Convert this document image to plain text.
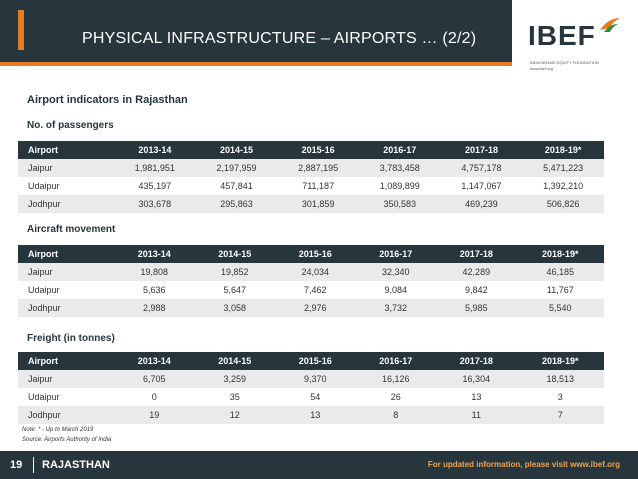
PHYSICAL INFRASTRUCTURE – AIRPORTS … (2/2) IBEF
INDIA BRAND EQUITY FOUNDATION
www.ibef.org
Airport indicators in Rajasthan
No. of passengers
Airport	2013-14	2014-15	2015-16	2016-17	2017-18	2018-19*
Jaipur	1,981,951	2,197,959	2,887,195	3,783,458	4,757,178	5,471,223
Udaipur	435,197	457,841	711,187	1,089,899	1,147,067	1,392,210
Jodhpur	303,678	295,863	301,859	350,583	469,239	506,826
Aircraft movement
Airport	2013-14	2014-15	2015-16	2016-17	2017-18	2018-19*
Jaipur	19,808	19,852	24,034	32,340	42,289	46,185
Udaipur	5,636	5,647	7,462	9,084	9,842	11,767
Jodhpur	2,988	3,058	2,976	3,732	5,985	5,540
Freight (in tonnes)
Airport	2013-14	2014-15	2015-16	2016-17	2017-18	2018-19*
Jaipur	6,705	3,259	9,370	16,126	16,304	18,513
Udaipur	0	35	54	26	13	3
Jodhpur	19	12	13	8	11	7
Note: * - Up to March 2019
Source: Airports Authority of India
19 RAJASTHAN	For updated information, please visit www.ibef.org
